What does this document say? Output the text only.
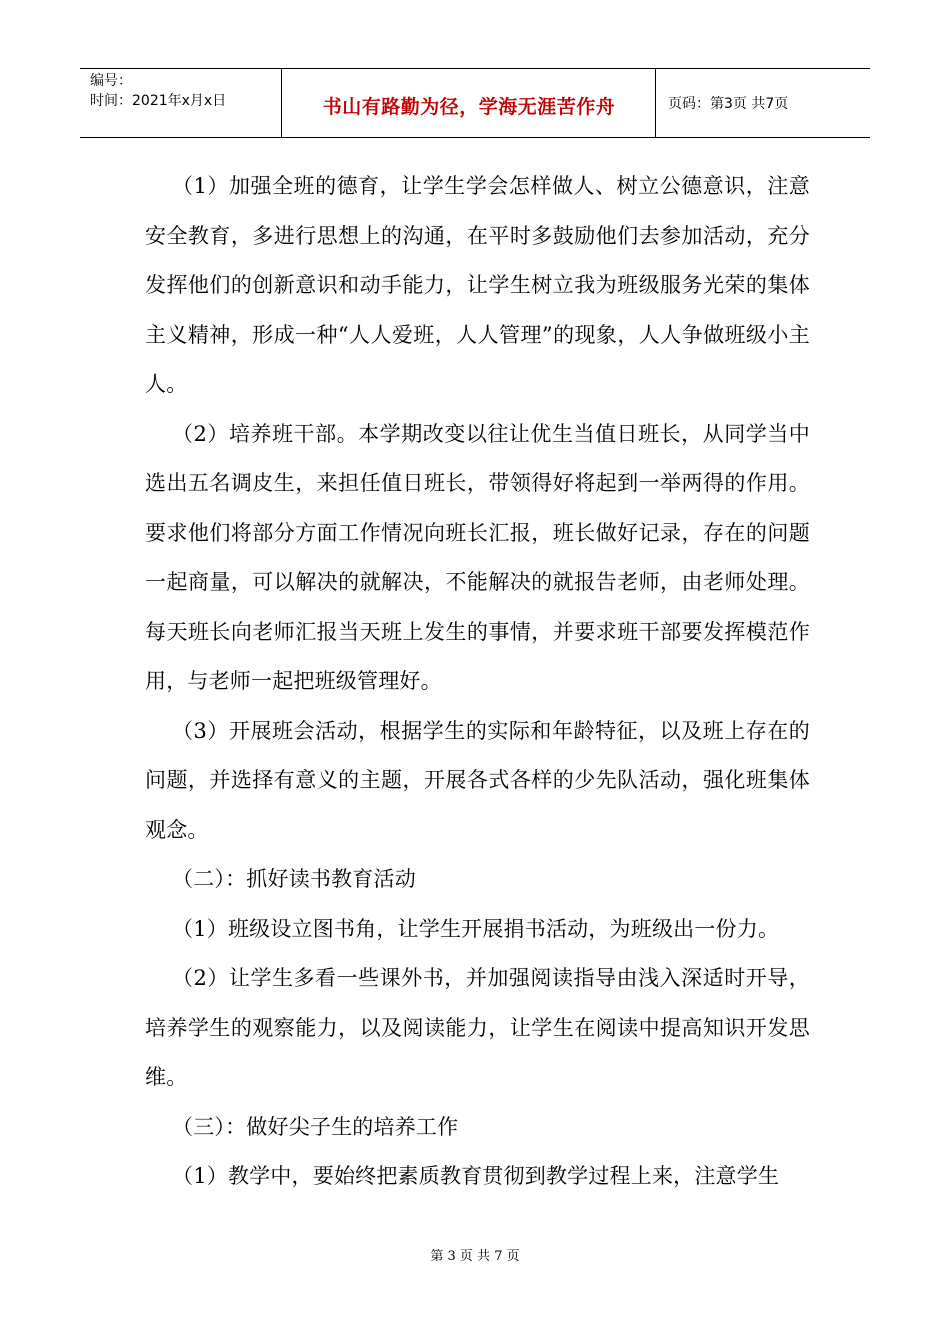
编号：
时间：2021年x月x日	书山有路勤为径，学海无涯苦作舟	页码：第3页 共7页

（1）加强全班的德育，让学生学会怎样做人、树立公德意识，注意安全教育，多进行思想上的沟通，在平时多鼓励他们去参加活动，充分发挥他们的创新意识和动手能力，让学生树立我为班级服务光荣的集体主义精神，形成一种“人人爱班，人人管理”的现象，人人争做班级小主人。

（2）培养班干部。本学期改变以往让优生当值日班长，从同学当中选出五名调皮生，来担任值日班长，带领得好将起到一举两得的作用。要求他们将部分方面工作情况向班长汇报，班长做好记录，存在的问题一起商量，可以解决的就解决，不能解决的就报告老师，由老师处理。每天班长向老师汇报当天班上发生的事情，并要求班干部要发挥模范作用，与老师一起把班级管理好。

（3）开展班会活动，根据学生的实际和年龄特征，以及班上存在的问题，并选择有意义的主题，开展各式各样的少先队活动，强化班集体观念。

（二）：抓好读书教育活动

（1）班级设立图书角，让学生开展捐书活动，为班级出一份力。

（2）让学生多看一些课外书，并加强阅读指导由浅入深适时开导，培养学生的观察能力，以及阅读能力，让学生在阅读中提高知识开发思维。

（三）：做好尖子生的培养工作

（1）教学中，要始终把素质教育贯彻到教学过程上来，注意学生

第 3 页 共 7 页
